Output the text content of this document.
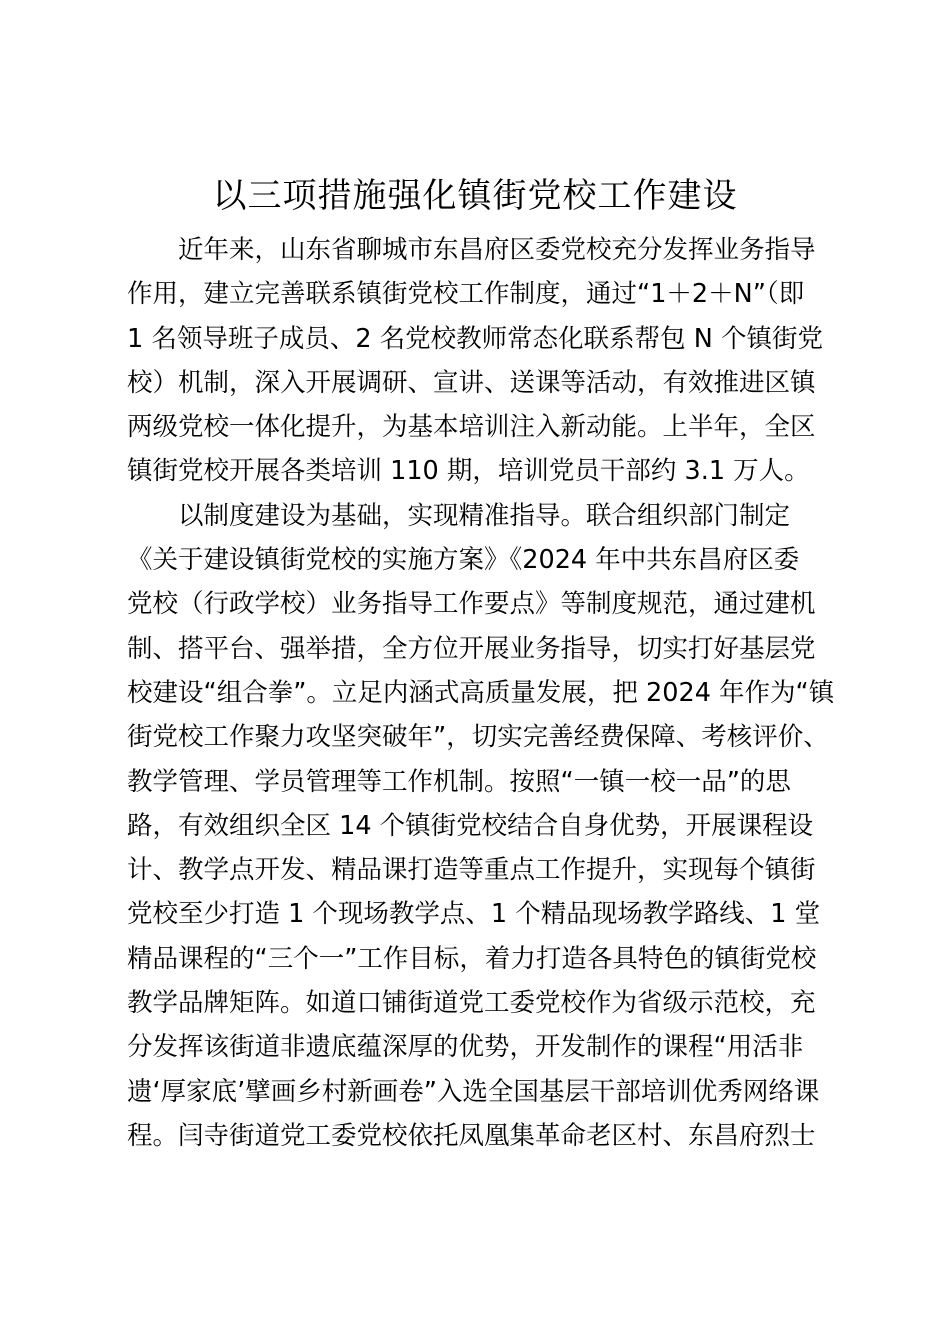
以三项措施强化镇街党校工作建设
近年来，山东省聊城市东昌府区委党校充分发挥业务指导
作用，建立完善联系镇街党校工作制度，通过“1＋2＋N”（即
1 名领导班子成员、2 名党校教师常态化联系帮包 N 个镇街党
校）机制，深入开展调研、宣讲、送课等活动，有效推进区镇
两级党校一体化提升，为基本培训注入新动能。上半年，全区
镇街党校开展各类培训 110 期，培训党员干部约 3.1 万人。
以制度建设为基础，实现精准指导。联合组织部门制定
《关于建设镇街党校的实施方案》《2024 年中共东昌府区委
党校（行政学校）业务指导工作要点》等制度规范，通过建机
制、搭平台、强举措，全方位开展业务指导，切实打好基层党
校建设“组合拳”。立足内涵式高质量发展，把 2024 年作为“镇
街党校工作聚力攻坚突破年”，切实完善经费保障、考核评价、
教学管理、学员管理等工作机制。按照“一镇一校一品”的思
路，有效组织全区 14 个镇街党校结合自身优势，开展课程设
计、教学点开发、精品课打造等重点工作提升，实现每个镇街
党校至少打造 1 个现场教学点、1 个精品现场教学路线、1 堂
精品课程的“三个一”工作目标，着力打造各具特色的镇街党校
教学品牌矩阵。如道口铺街道党工委党校作为省级示范校，充
分发挥该街道非遗底蕴深厚的优势，开发制作的课程“用活非
遗‘厚家底’擘画乡村新画卷”入选全国基层干部培训优秀网络课
程。闫寺街道党工委党校依托凤凰集革命老区村、东昌府烈士
